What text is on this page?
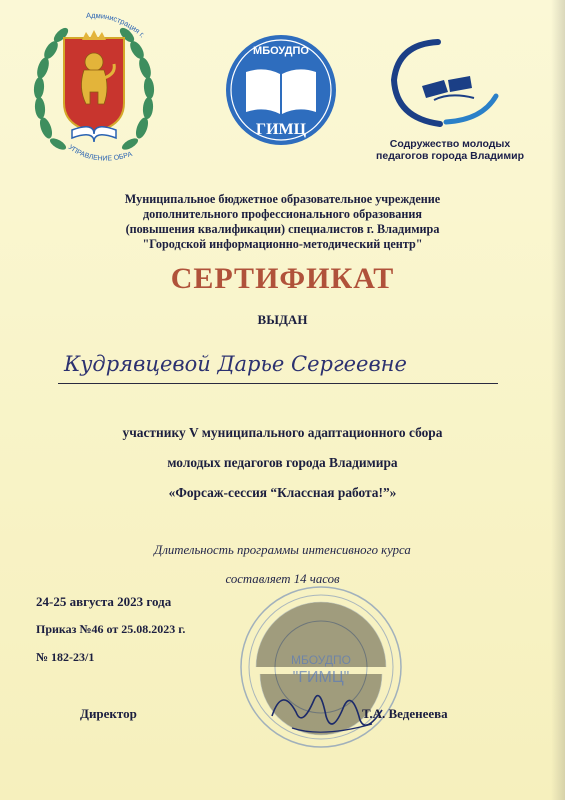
Администрация г.
УПРАВЛЕНИЕ ОБРА
МБОУДПО
ГИМЦ
Содружество молодых
педагогов города Владимир
Муниципальное бюджетное образовательное учреждение
дополнительного профессионального образования
(повышения квалификации) специалистов г. Владимира
"Городской информационно-методический центр"
СЕРТИФИКАТ
ВЫДАН
Кудрявцевой Дарье Сергеевне
участнику V муниципального адаптационного сбора
молодых педагогов города Владимира
«Форсаж-сессия “Классная работа!”»
Длительность программы интенсивного курса
составляет 14 часов
24-25 августа 2023 года
Приказ №46 от 25.08.2023 г.
№ 182-23/1	МБОУДПО
"ГИМЦ"
Директор	Т.А. Веденеева
